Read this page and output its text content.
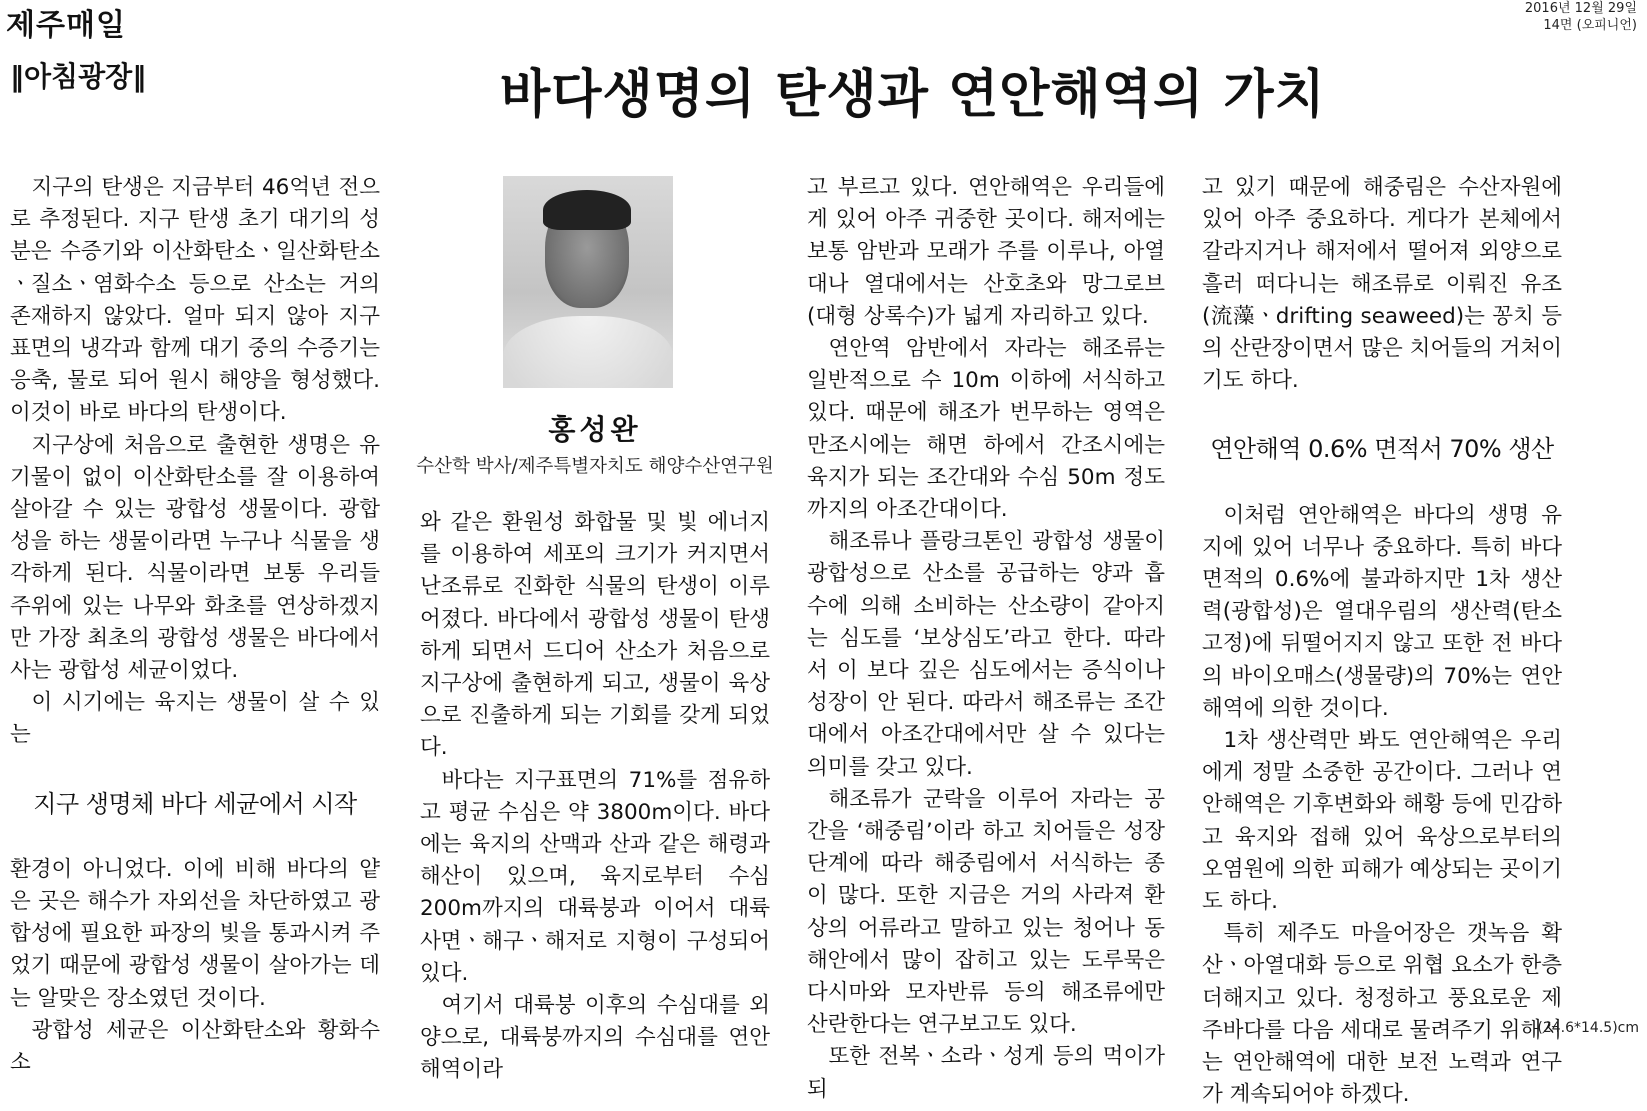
제주매일	2016년 12월 29일
14면 (오피니언)
‖아침광장‖	바다생명의 탄생과 연안해역의 가치

지구의 탄생은 지금부터 46억년 전으로 추정된다. 지구 탄생 초기 대기의 성분은 수증기와 이산화탄소ㆍ일산화탄소ㆍ질소ㆍ염화수소 등으로 산소는 거의 존재하지 않았다. 얼마 되지 않아 지구표면의 냉각과 함께 대기 중의 수증기는 응축, 물로 되어 원시 해양을 형성했다. 이것이 바로 바다의 탄생이다.

지구상에 처음으로 출현한 생명은 유기물이 없이 이산화탄소를 잘 이용하여 살아갈 수 있는 광합성 생물이다. 광합성을 하는 생물이라면 누구나 식물을 생각하게 된다. 식물이라면 보통 우리들 주위에 있는 나무와 화초를 연상하겠지만 가장 최초의 광합성 생물은 바다에서 사는 광합성 세균이었다.

이 시기에는 육지는 생물이 살 수 있는

지구 생명체 바다 세균에서 시작

환경이 아니었다. 이에 비해 바다의 얕은 곳은 해수가 자외선을 차단하였고 광합성에 필요한 파장의 빛을 통과시켜 주었기 때문에 광합성 생물이 살아가는 데는 알맞은 장소였던 것이다.

광합성 세균은 이산화탄소와 황화수소

홍성완
수산학 박사/제주특별자치도 해양수산연구원

와 같은 환원성 화합물 및 빛 에너지를 이용하여 세포의 크기가 커지면서 난조류로 진화한 식물의 탄생이 이루어졌다. 바다에서 광합성 생물이 탄생하게 되면서 드디어 산소가 처음으로 지구상에 출현하게 되고, 생물이 육상으로 진출하게 되는 기회를 갖게 되었다.

바다는 지구표면의 71%를 점유하고 평균 수심은 약 3800m이다. 바다에는 육지의 산맥과 산과 같은 해령과 해산이 있으며, 육지로부터 수심 200m까지의 대륙붕과 이어서 대륙사면ㆍ해구ㆍ해저로 지형이 구성되어 있다.

여기서 대륙붕 이후의 수심대를 외양으로, 대륙붕까지의 수심대를 연안해역이라

고 부르고 있다. 연안해역은 우리들에게 있어 아주 귀중한 곳이다. 해저에는 보통 암반과 모래가 주를 이루나, 아열대나 열대에서는 산호초와 망그로브(대형 상록수)가 넓게 자리하고 있다.

연안역 암반에서 자라는 해조류는 일반적으로 수 10m 이하에 서식하고 있다. 때문에 해조가 번무하는 영역은 만조시에는 해면 하에서 간조시에는 육지가 되는 조간대와 수심 50m 정도까지의 아조간대이다.

해조류나 플랑크톤인 광합성 생물이 광합성으로 산소를 공급하는 양과 흡수에 의해 소비하는 산소량이 같아지는 심도를 ‘보상심도’라고 한다. 따라서 이 보다 깊은 심도에서는 증식이나 성장이 안 된다. 따라서 해조류는 조간대에서 아조간대에서만 살 수 있다는 의미를 갖고 있다.

해조류가 군락을 이루어 자라는 공간을 ‘해중림’이라 하고 치어들은 성장단계에 따라 해중림에서 서식하는 종이 많다. 또한 지금은 거의 사라져 환상의 어류라고 말하고 있는 청어나 동해안에서 많이 잡히고 있는 도루묵은 다시마와 모자반류 등의 해조류에만 산란한다는 연구보고도 있다.

또한 전복ㆍ소라ㆍ성게 등의 먹이가 되

고 있기 때문에 해중림은 수산자원에 있어 아주 중요하다. 게다가 본체에서 갈라지거나 해저에서 떨어져 외양으로 흘러 떠다니는 해조류로 이뤄진 유조(流藻ㆍdrifting seaweed)는 꽁치 등의 산란장이면서 많은 치어들의 거처이기도 하다.

연안해역 0.6% 면적서 70% 생산

이처럼 연안해역은 바다의 생명 유지에 있어 너무나 중요하다. 특히 바다 면적의 0.6%에 불과하지만 1차 생산력(광합성)은 열대우림의 생산력(탄소고정)에 뒤떨어지지 않고 또한 전 바다의 바이오매스(생물량)의 70%는 연안해역에 의한 것이다.

1차 생산력만 봐도 연안해역은 우리에게 정말 소중한 공간이다. 그러나 연안해역은 기후변화와 해황 등에 민감하고 육지와 접해 있어 육상으로부터의 오염원에 의한 피해가 예상되는 곳이기도 하다.

특히 제주도 마을어장은 갯녹음 확산ㆍ아열대화 등으로 위협 요소가 한층 더해지고 있다. 청정하고 풍요로운 제주바다를 다음 세대로 물려주기 위해서는 연안해역에 대한 보전 노력과 연구가 계속되어야 하겠다.

(24.6*14.5)cm
